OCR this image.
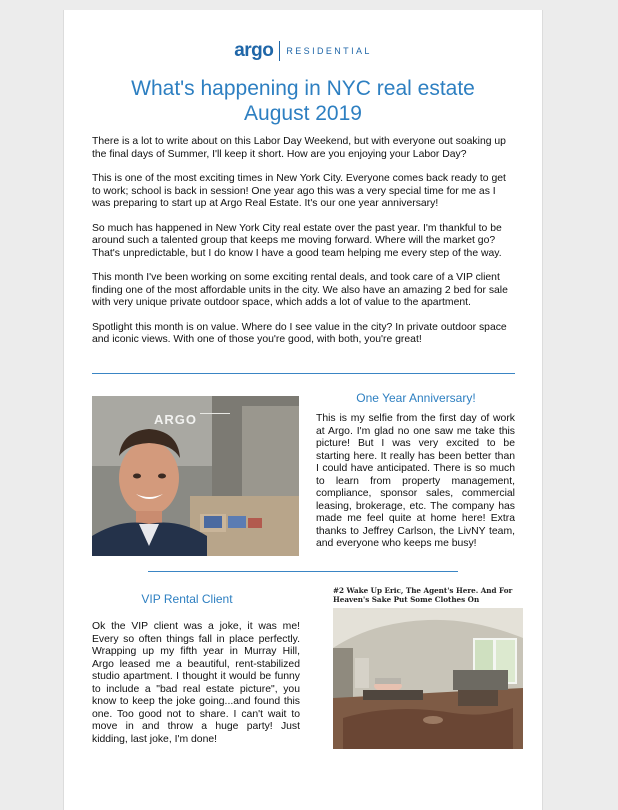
argo RESIDENTIAL
What's happening in NYC real estate
August 2019

There is a lot to write about on this Labor Day Weekend, but with everyone out soaking up the final days of Summer, I'll keep it short. How are you enjoying your Labor Day?

This is one of the most exciting times in New York City. Everyone comes back ready to get to work; school is back in session! One year ago this was a very special time for me as I was preparing to start up at Argo Real Estate. It's our one year anniversary!

So much has happened in New York City real estate over the past year. I'm thankful to be around such a talented group that keeps me moving forward. Where will the market go? That's unpredictable, but I do know I have a good team helping me every step of the way.

This month I've been working on some exciting rental deals, and took care of a VIP client finding one of the most affordable units in the city. We also have an amazing 2 bed for sale with very unique private outdoor space, which adds a lot of value to the apartment.

Spotlight this month is on value. Where do I see value in the city? In private outdoor space and iconic views. With one of those you're good, with both, you're great!

ARGO
One Year Anniversary!

This is my selfie from the first day of work at Argo. I'm glad no one saw me take this picture! But I was very excited to be starting here. It really has been better than I could have anticipated. There is so much to learn from property management, compliance, sponsor sales, commercial leasing, brokerage, etc. The company has made me feel quite at home here! Extra thanks to Jeffrey Carlson, the LivNY team, and everyone who keeps me busy!

VIP Rental Client

Ok the VIP client was a joke, it was me! Every so often things fall in place perfectly. Wrapping up my fifth year in Murray Hill, Argo leased me a beautiful, rent-stabilized studio apartment. I thought it would be funny to include a "bad real estate picture", you know to keep the joke going...and found this one. Too good not to share. I can't wait to move in and throw a huge party! Just kidding, last joke, I'm done!

#2 Wake Up Eric, The Agent's Here. And For Heaven's Sake Put Some Clothes On
